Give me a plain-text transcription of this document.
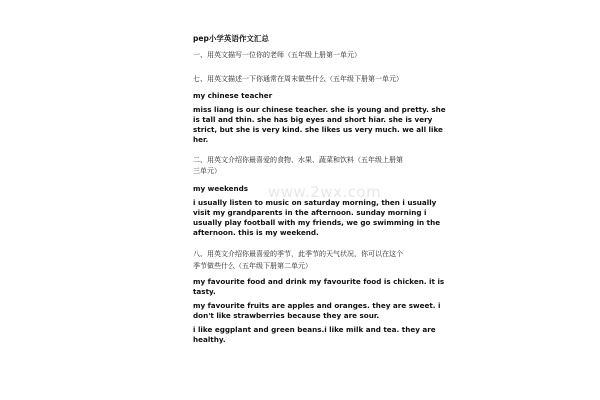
pep小学英语作文汇总
一、用英文描写一位你的老师（五年级上册第一单元）
七、用英文描述一下你通常在周末做些什么（五年级下册第一单元）
my chinese teacher
miss liang is our chinese teacher. she is young and pretty. she
is tall and thin. she has big eyes and short hiar. she is very
strict, but she is very kind. she likes us very much. we all like
her.
二、用英文介绍你最喜爱的食物、水果、蔬菜和饮料（五年级上册第
三单元）
my weekends
i usually listen to music on saturday morning, then i usually
visit my grandparents in the afternoon. sunday morning i
usually play football with my friends, we go swimming in the
afternoon. this is my weekend.
八、用英文介绍你最喜爱的季节，此季节的天气状况，你可以在这个
季节做些什么（五年级下册第二单元）
my favourite food and drink my favourite food is chicken. it is
tasty.
my favourite fruits are apples and oranges. they are sweet. i
don't like strawberries because they are sour.
i like eggplant and green beans.i like milk and tea. they are
healthy.
www.2wx.com
